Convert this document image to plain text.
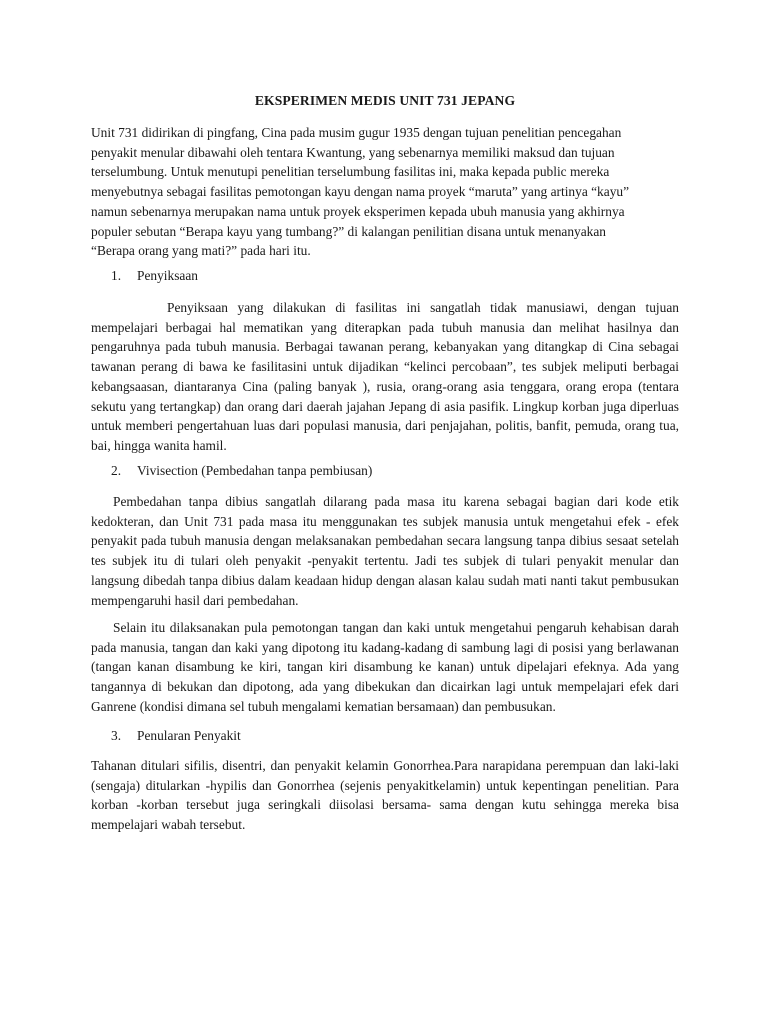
EKSPERIMEN MEDIS UNIT 731 JEPANG

Unit 731 didirikan di pingfang, Cina pada musim gugur 1935 dengan tujuan penelitian pencegahan penyakit menular dibawahi oleh tentara Kwantung, yang sebenarnya memiliki maksud dan tujuan terselumbung. Untuk menutupi penelitian terselumbung fasilitas ini, maka kepada public mereka menyebutnya sebagai fasilitas pemotongan kayu dengan nama proyek “maruta” yang artinya “kayu” namun sebenarnya merupakan nama untuk proyek eksperimen kepada ubuh manusia yang akhirnya populer sebutan “Berapa kayu yang tumbang?” di kalangan penilitian disana untuk menanyakan “Berapa orang yang mati?” pada hari itu.

1. Penyiksaan

Penyiksaan yang dilakukan di fasilitas ini sangatlah tidak manusiawi, dengan tujuan mempelajari berbagai hal mematikan yang diterapkan pada tubuh manusia dan melihat hasilnya dan pengaruhnya pada tubuh manusia. Berbagai tawanan perang, kebanyakan yang ditangkap di Cina sebagai tawanan perang di bawa ke fasilitasini untuk dijadikan “kelinci percobaan”, tes subjek meliputi berbagai kebangsaasan, diantaranya Cina (paling banyak ), rusia, orang-orang asia tenggara, orang eropa (tentara sekutu yang tertangkap) dan orang dari daerah jajahan Jepang di asia pasifik. Lingkup korban juga diperluas untuk memberi pengertahuan luas dari populasi manusia, dari penjajahan, politis, banfit, pemuda, orang tua, bai, hingga wanita hamil.

2. Vivisection (Pembedahan tanpa pembiusan)

Pembedahan tanpa dibius sangatlah dilarang pada masa itu karena sebagai bagian dari kode etik kedokteran, dan Unit 731 pada masa itu menggunakan tes subjek manusia untuk mengetahui efek - efek penyakit pada tubuh manusia dengan melaksanakan pembedahan secara langsung tanpa dibius sesaat setelah tes subjek itu di tulari oleh penyakit -penyakit tertentu. Jadi tes subjek di tulari penyakit menular dan langsung dibedah tanpa dibius dalam keadaan hidup dengan alasan kalau sudah mati nanti takut pembusukan mempengaruhi hasil dari pembedahan.

Selain itu dilaksanakan pula pemotongan tangan dan kaki untuk mengetahui pengaruh kehabisan darah pada manusia, tangan dan kaki yang dipotong itu kadang-kadang di sambung lagi di posisi yang berlawanan (tangan kanan disambung ke kiri, tangan kiri disambung ke kanan) untuk dipelajari efeknya. Ada yang tangannya di bekukan dan dipotong, ada yang dibekukan dan dicairkan lagi untuk mempelajari efek dari Ganrene (kondisi dimana sel tubuh mengalami kematian bersamaan) dan pembusukan.

3. Penularan Penyakit

Tahanan ditulari sifilis, disentri, dan penyakit kelamin Gonorrhea.Para narapidana perempuan dan laki-laki (sengaja) ditularkan -hypilis dan Gonorrhea (sejenis penyakitkelamin) untuk kepentingan penelitian. Para korban -korban tersebut juga seringkali diisolasi bersama- sama dengan kutu sehingga mereka bisa mempelajari wabah tersebut.
